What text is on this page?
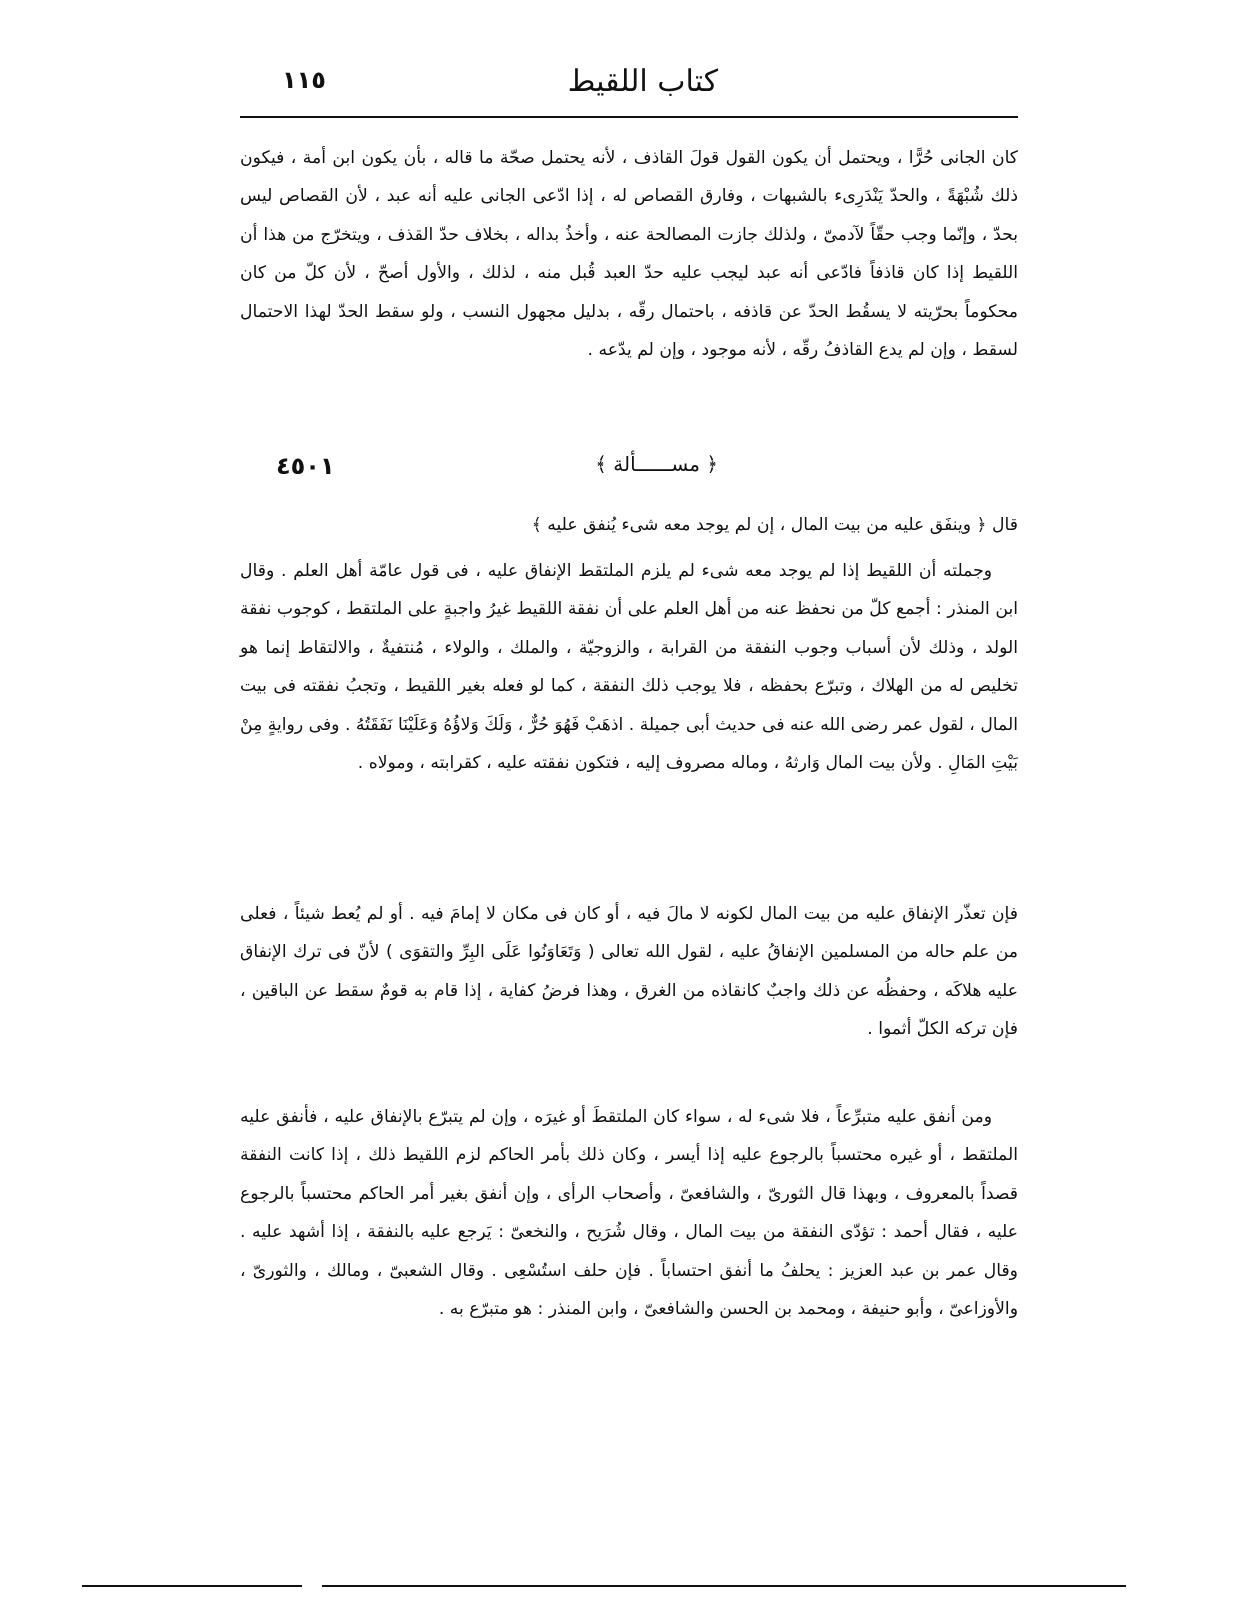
كتاب اللقيط
١١٥

كان الجانى حُرًّا ، ويحتمل أن يكون القول قولَ القاذف ، لأنه يحتمل صحّة ما قاله ، بأن يكون ابن أمة ، فيكون ذلك شُبْهَةً ، والحدّ يَنْدَرِىء بالشبهات ، وفارق القصاص له ، إذا ادّعى الجانى عليه أنه عبد ، لأن القصاص ليس بحدّ ، وإنّما وجب حقّاً لآدمىّ ، ولذلك جازت المصالحة عنه ، وأخذُ بداله ، بخلاف حدّ القذف ، ويتخرّج من هذا أن اللقيط إذا كان قاذفاً فادّعى أنه عبد ليجب عليه حدّ العبد قُبل منه ، لذلك ، والأول أصحّ ، لأن كلّ من كان محكوماً بحرّيته لا يسقُط الحدّ عن قاذفه ، باحتمال رقّه ، بدليل مجهول النسب ، ولو سقط الحدّ لهذا الاحتمال لسقط ، وإن لم يدع القاذفُ رقّه ، لأنه موجود ، وإن لم يدّعه .

﴿ مســــــألة ﴾
٤٥٠١
قال ﴿ وينفَق عليه من بيت المال ، إن لم يوجد معه شىء يُنفق عليه ﴾

وجملته أن اللقيط إذا لم يوجد معه شىء لم يلزم الملتقط الإنفاق عليه ، فى قول عامّة أهل العلم . وقال ابن المنذر : أجمع كلّ من نحفظ عنه من أهل العلم على أن نفقة اللقيط غيرُ واجبةٍ على الملتقط ، كوجوب نفقة الولد ، وذلك لأن أسباب وجوب النفقة من القرابة ، والزوجيّة ، والملك ، والولاء ، مُنتفيةٌ ، والالتقاط إنما هو تخليص له من الهلاك ، وتبرّع بحفظه ، فلا يوجب ذلك النفقة ، كما لو فعله بغير اللقيط ، وتجبُ نفقته فى بيت المال ، لقول عمر رضى الله عنه فى حديث أبى جميلة . اذهَبْ فَهُوَ حُرٌّ ، وَلَكَ وَلاؤُهُ وَعَلَيْنَا نَفَقَتُهُ . وفى روايةٍ مِنْ بَيْتِ المَالِ . ولأن بيت المال وَارثهُ ، وماله مصروف إليه ، فتكون نفقته عليه ، كقرابته ، ومولاه .

فإن تعذّر الإنفاق عليه من بيت المال لكونه لا مالَ فيه ، أو كان فى مكان لا إمامَ فيه . أو لم يُعط شيئاً ، فعلى من علم حاله من المسلمين الإنفاقُ عليه ، لقول الله تعالى ( وَتَعَاوَنُوا عَلَى البِرِّ والتقوَى ) لأنّ فى ترك الإنفاق عليه هلاكَه ، وحفظُه عن ذلك واجبٌ كانقاذه من الغرق ، وهذا فرضُ كفاية ، إذا قام به قومٌ سقط عن الباقين ، فإن تركه الكلّ أثموا .

ومن أنفق عليه متبرِّعاً ، فلا شىء له ، سواء كان الملتقطَ أو غيرَه ، وإن لم يتبرّع بالإنفاق عليه ، فأنفق عليه الملتقط ، أو غيره محتسباً بالرجوع عليه إذا أيسر ، وكان ذلك بأمر الحاكم لزم اللقيط ذلك ، إذا كانت النفقة قصداً بالمعروف ، وبهذا قال الثورىّ ، والشافعىّ ، وأصحاب الرأى ، وإن أنفق بغير أمر الحاكم محتسباً بالرجوع عليه ، فقال أحمد : تؤدّى النفقة من بيت المال ، وقال شُرَيح ، والنخعىّ : يَرجع عليه بالنفقة ، إذا أشهد عليه . وقال عمر بن عبد العزيز : يحلفُ ما أنفق احتساباً . فإن حلف استُسْعِى . وقال الشعبىّ ، ومالك ، والثورىّ ، والأوزاعىّ ، وأبو حنيفة ، ومحمد بن الحسن والشافعىّ ، وابن المنذر : هو متبرّع به .
